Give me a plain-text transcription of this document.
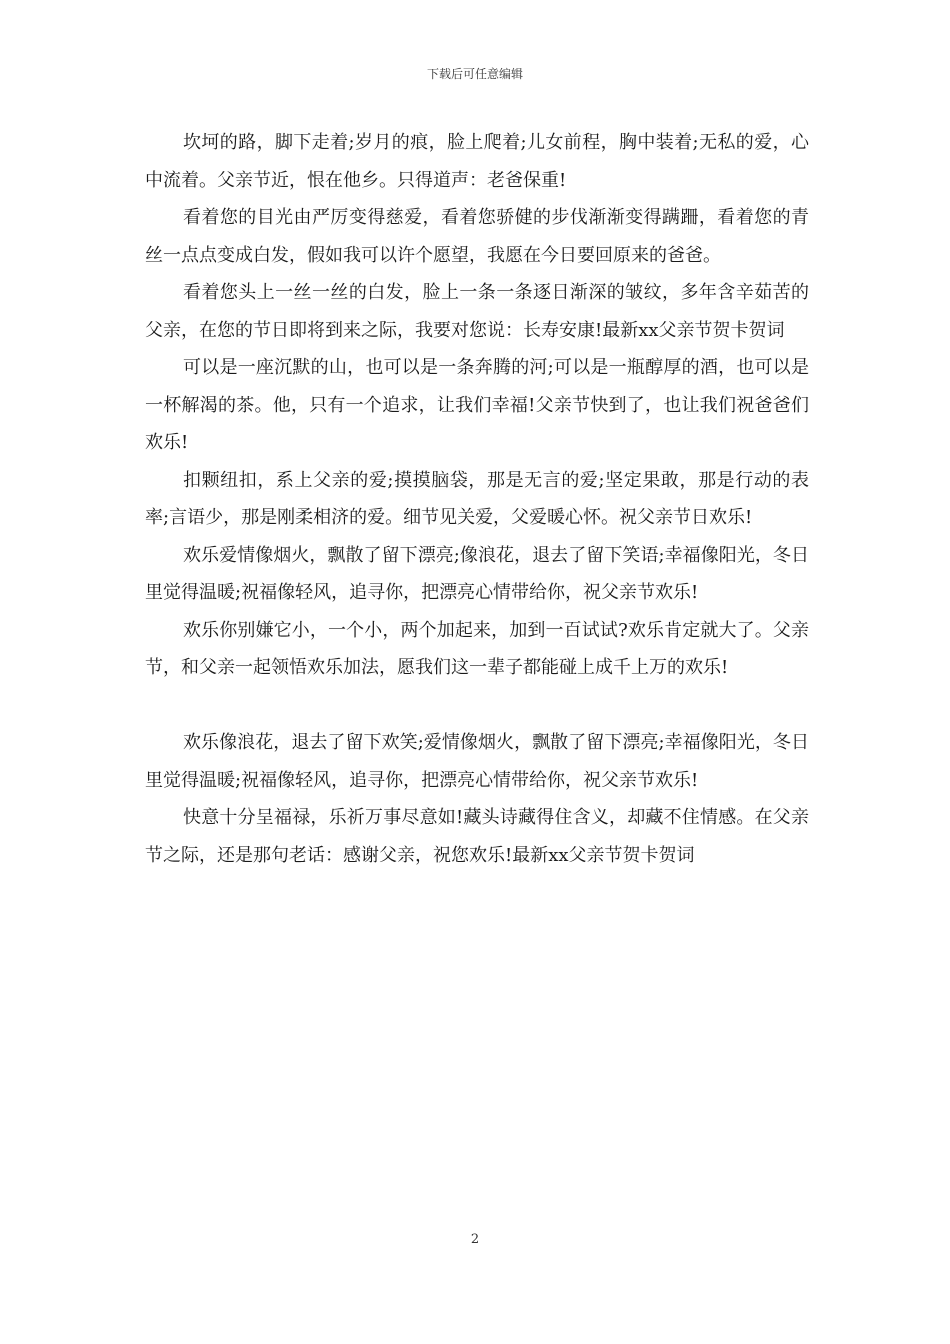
下载后可任意编辑

坎坷的路，脚下走着;岁月的痕，脸上爬着;儿女前程，胸中装着;无私的爱，心中流着。父亲节近，恨在他乡。只得道声：老爸保重!

看着您的目光由严厉变得慈爱，看着您骄健的步伐渐渐变得蹒跚，看着您的青丝一点点变成白发，假如我可以许个愿望，我愿在今日要回原来的爸爸。

看着您头上一丝一丝的白发，脸上一条一条逐日渐深的皱纹，多年含辛茹苦的父亲，在您的节日即将到来之际，我要对您说：长寿安康!最新xx父亲节贺卡贺词

可以是一座沉默的山，也可以是一条奔腾的河;可以是一瓶醇厚的酒，也可以是一杯解渴的茶。他，只有一个追求，让我们幸福!父亲节快到了，也让我们祝爸爸们欢乐!

扣颗纽扣，系上父亲的爱;摸摸脑袋，那是无言的爱;坚定果敢，那是行动的表率;言语少，那是刚柔相济的爱。细节见关爱，父爱暖心怀。祝父亲节日欢乐!

欢乐爱情像烟火，飘散了留下漂亮;像浪花，退去了留下笑语;幸福像阳光，冬日里觉得温暖;祝福像轻风，追寻你，把漂亮心情带给你，祝父亲节欢乐!

欢乐你别嫌它小，一个小，两个加起来，加到一百试试?欢乐肯定就大了。父亲节，和父亲一起领悟欢乐加法，愿我们这一辈子都能碰上成千上万的欢乐!

欢乐像浪花，退去了留下欢笑;爱情像烟火，飘散了留下漂亮;幸福像阳光，冬日里觉得温暖;祝福像轻风，追寻你，把漂亮心情带给你，祝父亲节欢乐!

快意十分呈福禄，乐祈万事尽意如!藏头诗藏得住含义，却藏不住情感。在父亲节之际，还是那句老话：感谢父亲，祝您欢乐!最新xx父亲节贺卡贺词

2
